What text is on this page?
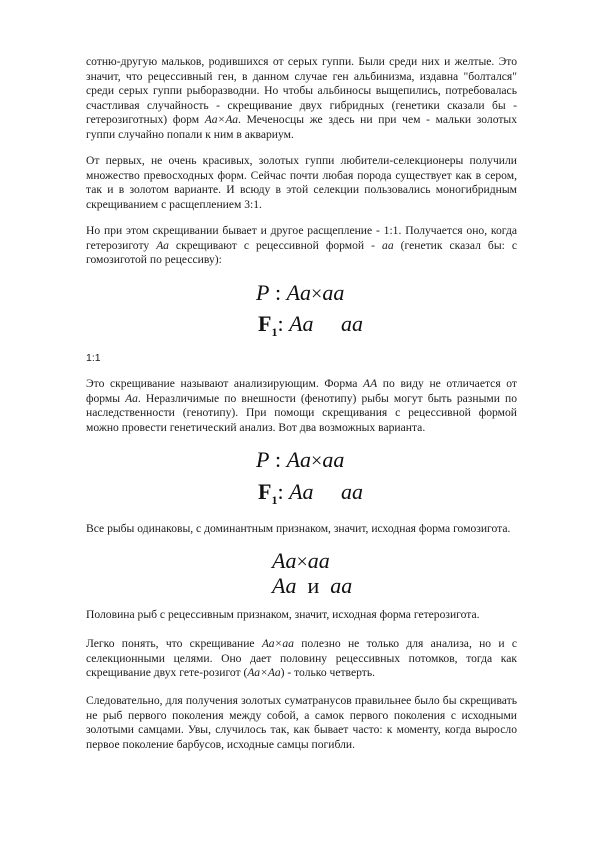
сотню-другую мальков, родившихся от серых гуппи. Были среди них и желтые. Это значит, что рецессивный ген, в данном случае ген альбинизма, издавна "болтался" среди серых гуппи рыборазводни. Но чтобы альбиносы выщепились, потребовалась счастливая случайность - скрещивание двух гибридных (генетики сказали бы - гетерозиготных) форм Аа×Аа. Меченосцы же здесь ни при чем - мальки золотых гуппи случайно попали к ним в аквариум.

От первых, не очень красивых, золотых гуппи любители-селекционеры получили множество превосходных форм. Сейчас почти любая порода существует как в сером, так и в золотом варианте. И всюду в этой селекции пользовались моногибридным скрещиванием с расщеплением 3:1.

Но при этом скрещивании бывает и другое расщепление - 1:1. Получается оно, когда гетерозиготу Аа скрещивают с рецессивной формой - аа (генетик сказал бы: с гомозиготой по рецессиву):

P : Aa×aa
$F_1$: Aa aa
1:1

Это скрещивание называют анализирующим. Форма АА по виду не отличается от формы Аа. Неразличимые по внешности (фенотипу) рыбы могут быть разными по наследственности (генотипу). При помощи скрещивания с рецессивной формой можно провести генетический анализ. Вот два возможных варианта.

P : Aa×aa
$F_1$: Aa aa

Все рыбы одинаковы, с доминантным признаком, значит, исходная форма гомозигота.

Aa×aa
Aa и aa

Половина рыб с рецессивным признаком, значит, исходная форма гетерозигота.

Легко понять, что скрещивание Аа×аа полезно не только для анализа, но и с селекционными целями. Оно дает половину рецессивных потомков, тогда как скрещивание двух гете-розигот (Аа×Аа) - только четверть.

Следовательно, для получения золотых суматранусов правильнее было бы скрещивать не рыб первого поколения между собой, а самок первого поколения с исходными золотыми самцами. Увы, случилось так, как бывает часто: к моменту, когда выросло первое поколение барбусов, исходные самцы погибли.
